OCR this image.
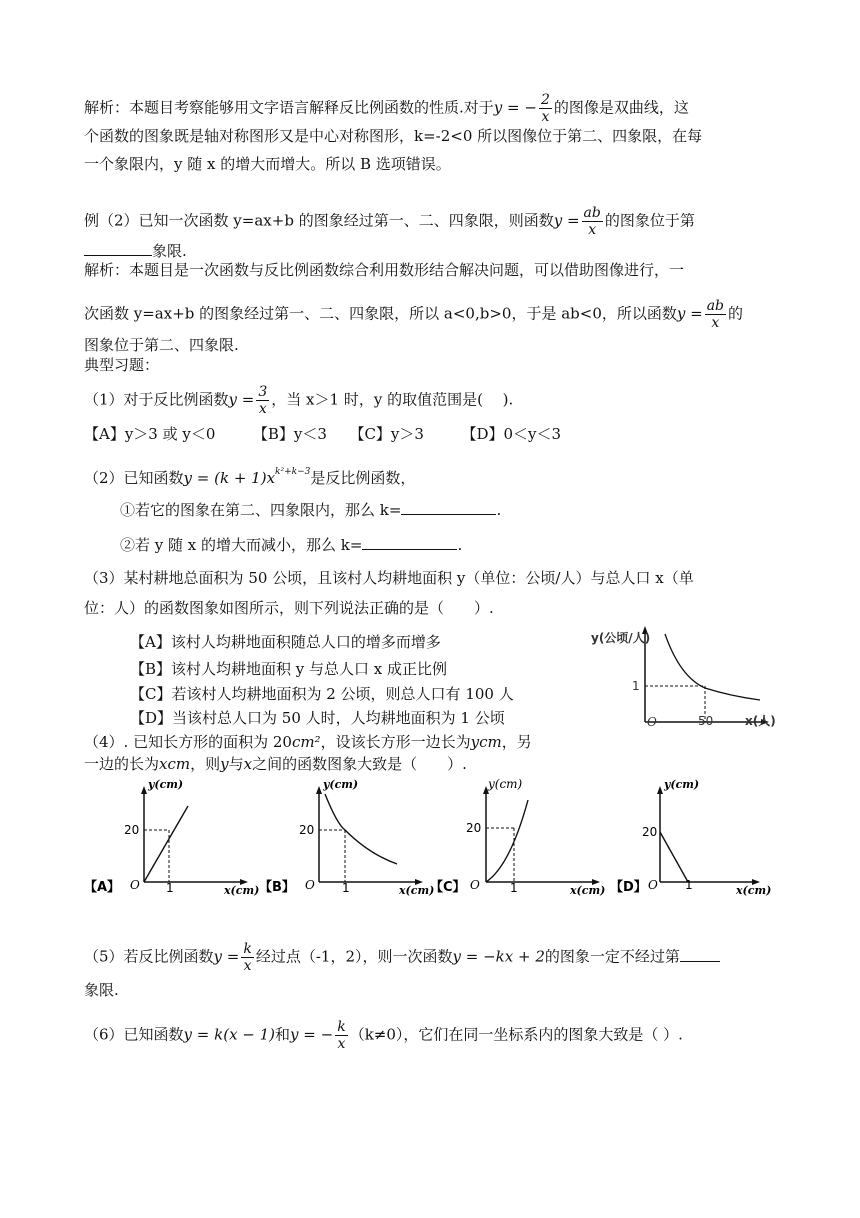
解析：本题目考察能够用文字语言解释反比例函数的性质.对于y = − $\frac{2}{x}$ 的图像是双曲线，这
个函数的图象既是轴对称图形又是中心对称图形，k=-2<0 所以图像位于第二、四象限，在每
一个象限内，y 随 x 的增大而增大。所以 B 选项错误。
例（2）已知一次函数 y=ax+b 的图象经过第一、二、四象限，则函数$y = \frac{ab}{x}$ 的图象位于第
象限.
解析：本题目是一次函数与反比例函数综合利用数形结合解决问题，可以借助图像进行，一
次函数 y=ax+b 的图象经过第一、二、四象限，所以 a<0,b>0，于是 ab<0，所以函数$y = \frac{ab}{x}$ 的
图象位于第二、四象限.
典型习题：
（1）对于反比例函数$y = \frac{3}{x}$ ，当 x＞1 时，y 的取值范围是(　 ).
【A】y＞3 或 y＜0　　　【B】y＜3　　【C】y＞3　　　【D】0＜y＜3
（2）已知函数$y = (k + 1)x^{k^2+k-3}$是反比例函数，
①若它的图象在第二、四象限内，那么 k=	.
②若 y 随 x 的增大而减小，那么 k=	.
（3）某村耕地总面积为 50 公顷，且该村人均耕地面积 y（单位：公顷/人）与总人口 x（单
位：人）的函数图象如图所示，则下列说法正确的是（　　）.
【A】该村人均耕地面积随总人口的增多而增多
【B】该村人均耕地面积 y 与总人口 x 成正比例
【C】若该村人均耕地面积为 2 公顷，则总人口有 100 人
【D】当该村总人口为 50 人时，人均耕地面积为 1 公顷
y(公顷/人)
x(人)
O
1
50
（4）. 已知长方形的面积为 20cm²，设该长方形一边长为ycm，另
一边的长为xcm，则y与x之间的函数图象大致是（　　）.
【A】
y(cm)
x(cm)
O
20
1	【B】
y(cm)
x(cm)
O
20
1	【C】
y(cm)
x(cm)
O
20
1	【D】
y(cm)
x(cm)
O
20
1
（5）若反比例函数$y = \frac{k}{x}$ 经过点（-1，2），则一次函数y = −kx + 2的图象一定不经过第
象限.
（6）已知函数y = k(x − 1)和y = − $\frac{k}{x} (k\ne 0)$，它们在同一坐标系内的图象大致是（ ）.
